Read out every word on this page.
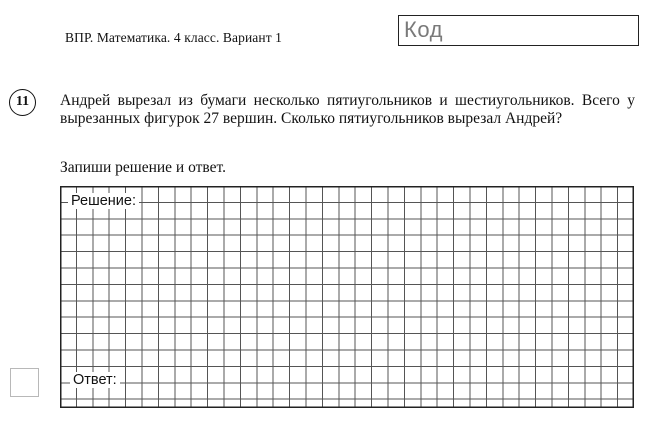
ВПР. Математика. 4 класс. Вариант 1	Код
11	Андрей вырезал из бумаги несколько пятиугольников и шестиугольников. Всего у вырезанных фигурок 27 вершин. Сколько пятиугольников вырезал Андрей?
Запиши решение и ответ.
Решение:
Ответ:
